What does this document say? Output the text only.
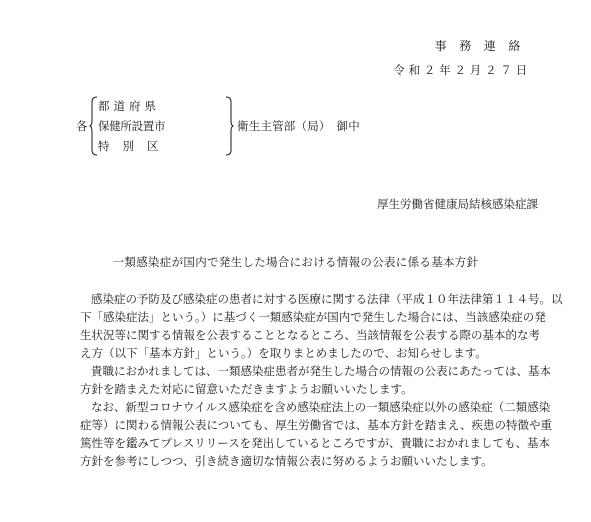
事務連絡
令和２年２月２７日
各
都道府県
保健所設置市
特別区
衛生主管部（局）　御中
厚生労働省健康局結核感染症課
一類感染症が国内で発生した場合における情報の公表に係る基本方針
感染症の予防及び感染症の患者に対する医療に関する法律（平成１０年法律第１１４号。以
下「感染症法」という。）に基づく一類感染症が国内で発生した場合には、当該感染症の発
生状況等に関する情報を公表することとなるところ、当該情報を公表する際の基本的な考
え方（以下「基本方針」という。）を取りまとめましたので、お知らせします。
貴職におかれましては、一類感染症患者が発生した場合の情報の公表にあたっては、基本
方針を踏まえた対応に留意いただきますようお願いいたします。
なお、新型コロナウイルス感染症を含め感染症法上の一類感染症以外の感染症（二類感染
症等）に関わる情報公表についても、厚生労働省では、基本方針を踏まえ、疾患の特徴や重
篤性等を鑑みてプレスリリースを発出しているところですが、貴職におかれましても、基本
方針を参考にしつつ、引き続き適切な情報公表に努めるようお願いいたします。
